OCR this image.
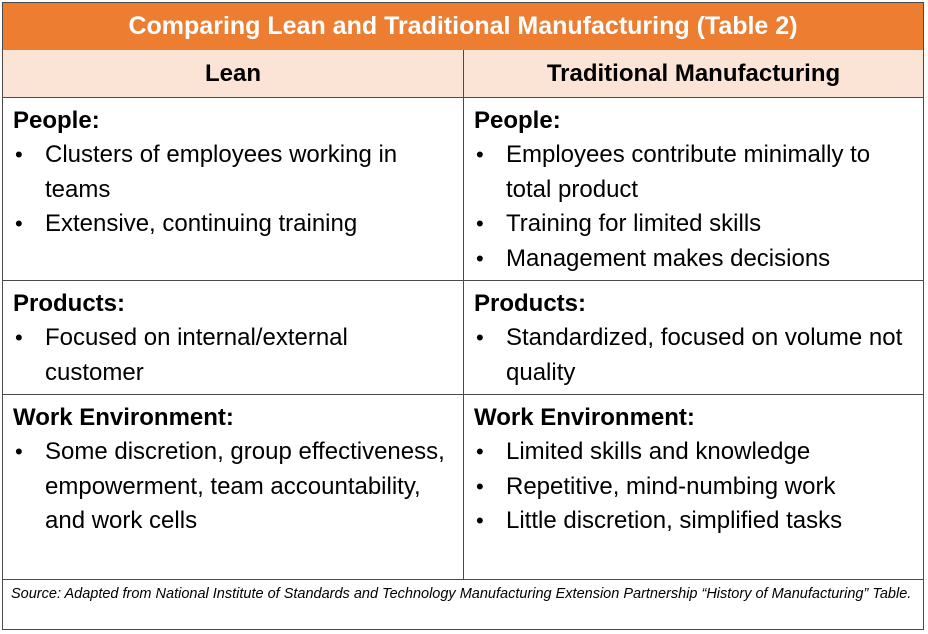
Comparing Lean and Traditional Manufacturing (Table 2)
Lean	Traditional Manufacturing
People:
• Clusters of employees working in teams
• Extensive, continuing training
People:
• Employees contribute minimally to total product
• Training for limited skills
• Management makes decisions
Products:
• Focused on internal/external customer
Products:
• Standardized, focused on volume not quality
Work Environment:
• Some discretion, group effectiveness, empowerment, team accountability, and work cells
Work Environment:
• Limited skills and knowledge
• Repetitive, mind-numbing work
• Little discretion, simplified tasks
Source: Adapted from National Institute of Standards and Technology Manufacturing Extension Partnership “History of Manufacturing” Table.
